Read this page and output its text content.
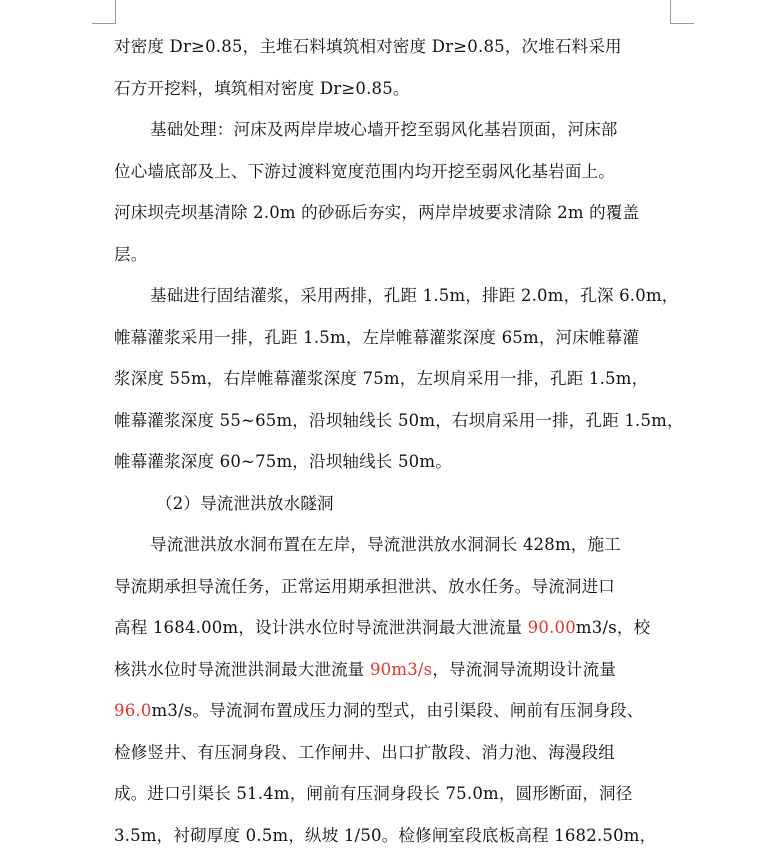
对密度 Dr≥0.85，主堆石料填筑相对密度 Dr≥0.85，次堆石料采用
石方开挖料，填筑相对密度 Dr≥0.85。
基础处理：河床及两岸岸坡心墙开挖至弱风化基岩顶面，河床部
位心墙底部及上、下游过渡料宽度范围内均开挖至弱风化基岩面上。
河床坝壳坝基清除 2.0m 的砂砾后夯实，两岸岸坡要求清除 2m 的覆盖
层。
基础进行固结灌浆，采用两排，孔距 1.5m，排距 2.0m，孔深 6.0m，
帷幕灌浆采用一排，孔距 1.5m，左岸帷幕灌浆深度 65m，河床帷幕灌
浆深度 55m，右岸帷幕灌浆深度 75m，左坝肩采用一排，孔距 1.5m，
帷幕灌浆深度 55~65m，沿坝轴线长 50m，右坝肩采用一排，孔距 1.5m，
帷幕灌浆深度 60~75m，沿坝轴线长 50m。
（2）导流泄洪放水隧洞
导流泄洪放水洞布置在左岸，导流泄洪放水洞洞长 428m，施工
导流期承担导流任务，正常运用期承担泄洪、放水任务。导流洞进口
高程 1684.00m，设计洪水位时导流泄洪洞最大泄流量 90.00m3/s，校
核洪水位时导流泄洪洞最大泄流量 90m3/s，导流洞导流期设计流量
96.0m3/s。导流洞布置成压力洞的型式，由引渠段、闸前有压洞身段、
检修竖井、有压洞身段、工作闸井、出口扩散段、消力池、海漫段组
成。进口引渠长 51.4m，闸前有压洞身段长 75.0m，圆形断面，洞径
3.5m，衬砌厚度 0.5m，纵坡 1/50。检修闸室段底板高程 1682.50m，
